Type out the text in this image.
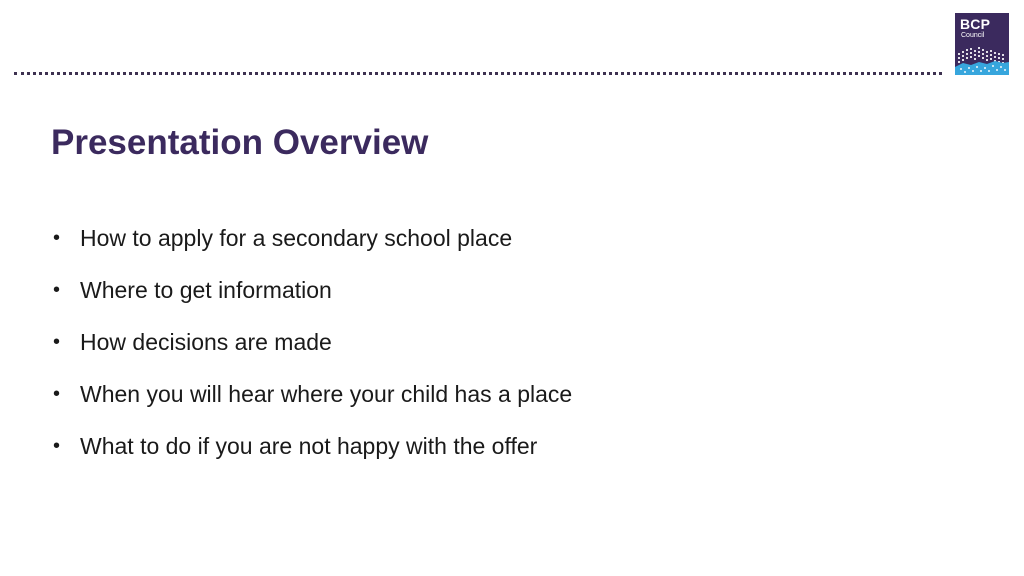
BCP
Council
Presentation Overview
• How to apply for a secondary school place
• Where to get information
• How decisions are made
• When you will hear where your child has a place
• What to do if you are not happy with the offer
